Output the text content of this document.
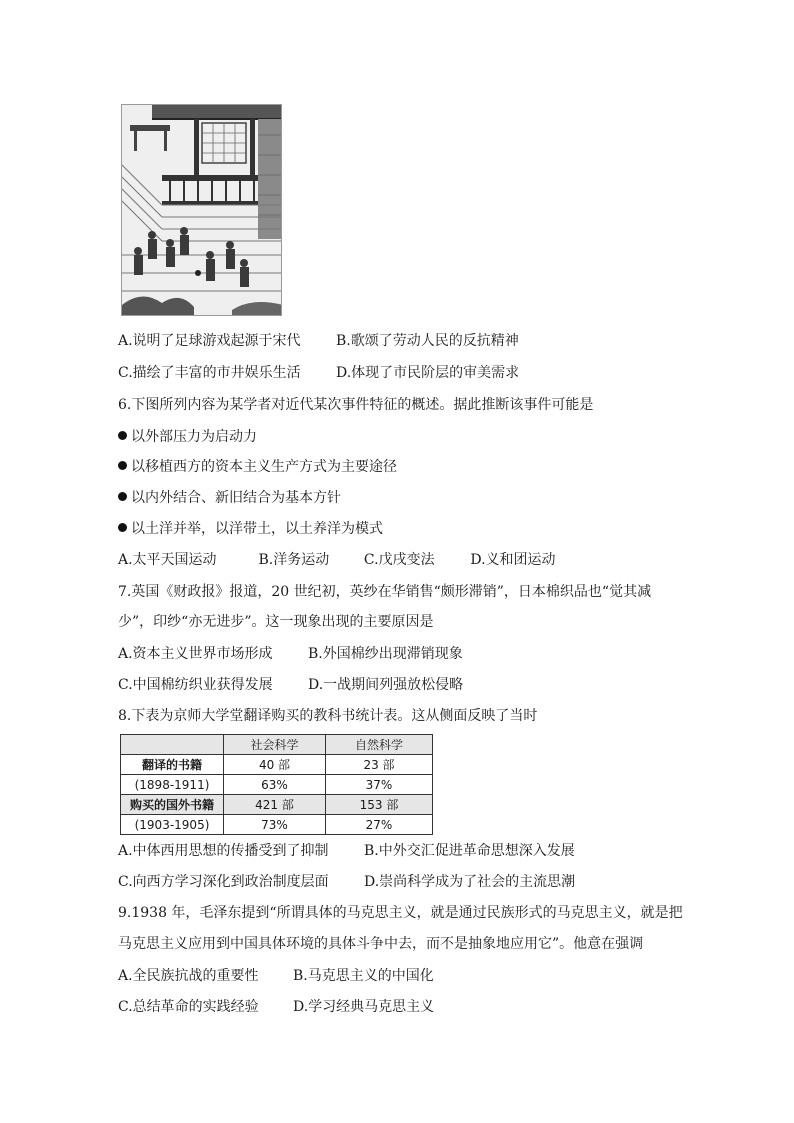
A.说明了足球游戏起源于宋代	B.歌颂了劳动人民的反抗精神
C.描绘了丰富的市井娱乐生活	D.体现了市民阶层的审美需求
6.下图所列内容为某学者对近代某次事件特征的概述。据此推断该事件可能是
以外部压力为启动力
以移植西方的资本主义生产方式为主要途径
以内外结合、新旧结合为基本方针
以土洋并举，以洋带土，以土养洋为模式
A.太平天国运动	B.洋务运动 C.戊戌变法	D.义和团运动
7.英国《财政报》报道，20 世纪初，英纱在华销售“颇形滞销”，日本棉织品也“觉其减
少”，印纱“亦无进步”。这一现象出现的主要原因是
A.资本主义世界市场形成	B.外国棉纱出现滞销现象
C.中国棉纺织业获得发展	D.一战期间列强放松侵略
8.下表为京师大学堂翻译购买的教科书统计表。这从侧面反映了当时
	社会科学	自然科学
翻译的书籍	40 部	23 部
(1898-1911)	63%	37%
购买的国外书籍	421 部	153 部
(1903-1905)	73%	27%
A.中体西用思想的传播受到了抑制	B.中外交汇促进革命思想深入发展
C.向西方学习深化到政治制度层面	D.崇尚科学成为了社会的主流思潮
9.1938 年，毛泽东提到“所谓具体的马克思主义，就是通过民族形式的马克思主义，就是把
马克思主义应用到中国具体环境的具体斗争中去，而不是抽象地应用它”。他意在强调
A.全民族抗战的重要性	B.马克思主义的中国化
C.总结革命的实践经验	D.学习经典马克思主义
